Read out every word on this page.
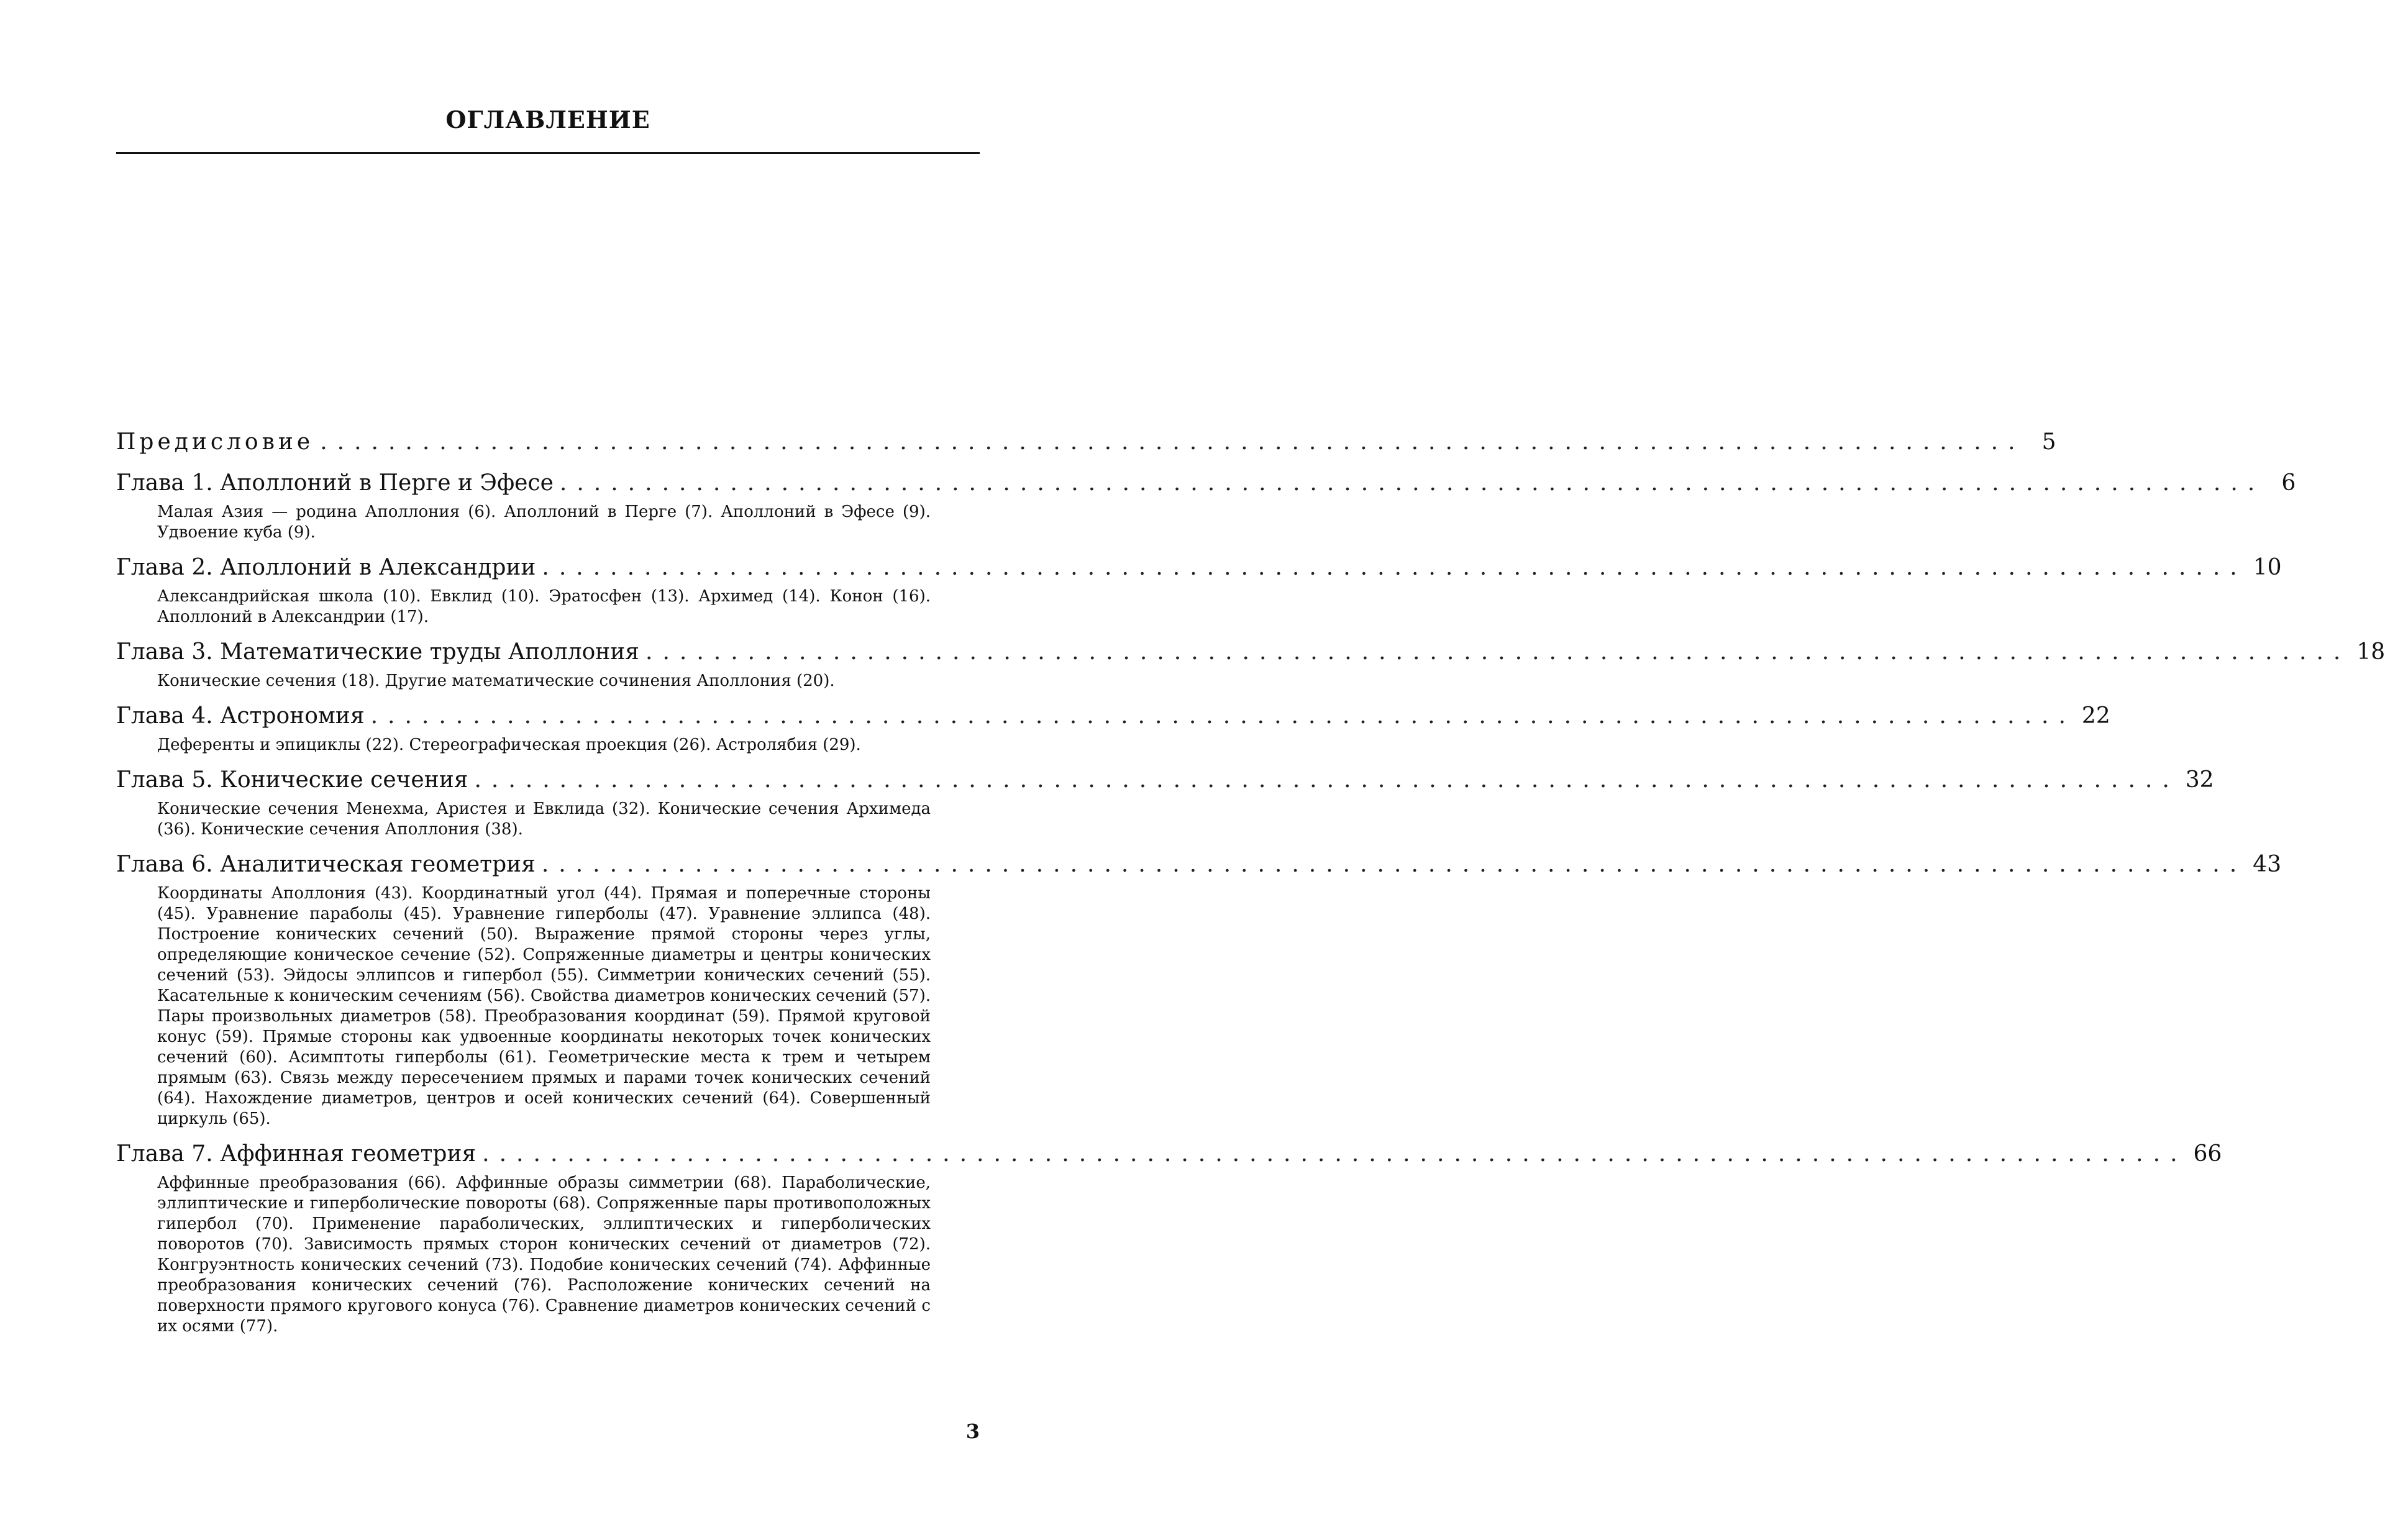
ОГЛАВЛЕНИЕ
Предисловие .................................................................................................... 5
Глава 1. Аполлоний в Перге и Эфесе .................................................................................................... 6
Малая Азия — родина Аполлония (6). Аполлоний в Перге (7). Аполлоний в Эфесе (9). Удвоение куба (9).
Глава 2. Аполлоний в Александрии .................................................................................................... 10
Александрийская школа (10). Евклид (10). Эратосфен (13). Архимед (14). Конон (16). Аполлоний в Александрии (17).
Глава 3. Математические труды Аполлония .................................................................................................... 18
Конические сечения (18). Другие математические сочинения Аполлония (20).
Глава 4. Астрономия .................................................................................................... 22
Деференты и эпициклы (22). Стереографическая проекция (26). Астролябия (29).
Глава 5. Конические сечения .................................................................................................... 32
Конические сечения Менехма, Аристея и Евклида (32). Конические сечения Архимеда (36). Конические сечения Аполлония (38).
Глава 6. Аналитическая геометрия .................................................................................................... 43
Координаты Аполлония (43). Координатный угол (44). Прямая и поперечные стороны (45). Уравнение параболы (45). Уравнение гиперболы (47). Уравнение эллипса (48). Построение конических сечений (50). Выражение прямой стороны через углы, определяющие коническое сечение (52). Сопряженные диаметры и центры конических сечений (53). Эйдосы эллипсов и гипербол (55). Симметрии конических сечений (55). Касательные к коническим сечениям (56). Свойства диаметров конических сечений (57). Пары произвольных диаметров (58). Преобразования координат (59). Прямой круговой конус (59). Прямые стороны как удвоенные координаты некоторых точек конических сечений (60). Асимптоты гиперболы (61). Геометрические места к трем и четырем прямым (63). Связь между пересечением прямых и парами точек конических сечений (64). Нахождение диаметров, центров и осей конических сечений (64). Совершенный циркуль (65).
Глава 7. Аффинная геометрия .................................................................................................... 66
Аффинные преобразования (66). Аффинные образы симметрии (68). Параболические, эллиптические и гиперболические повороты (68). Сопряженные пары противоположных гипербол (70). Применение параболических, эллиптических и гиперболических поворотов (70). Зависимость прямых сторон конических сечений от диаметров (72). Конгруэнтность конических сечений (73). Подобие конических сечений (74). Аффинные преобразования конических сечений (76). Расположение конических сечений на поверхности прямого кругового конуса (76). Сравнение диаметров конических сечений с их осями (77).
3
